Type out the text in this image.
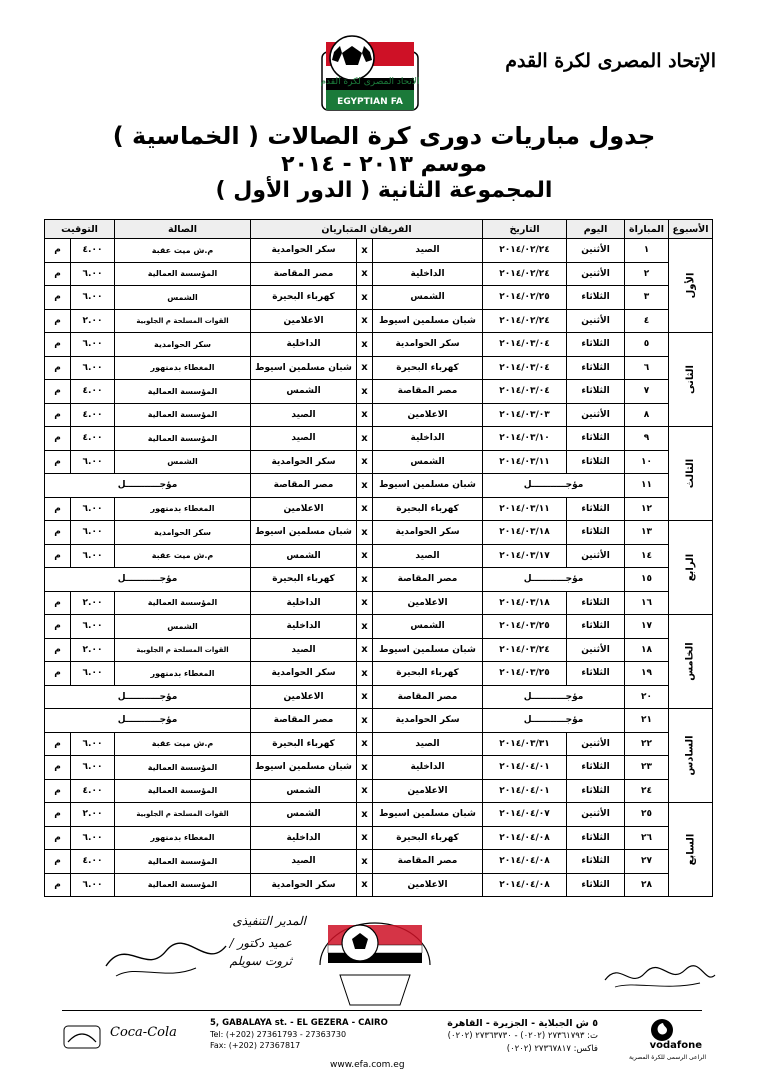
الإتحاد المصرى لكرة القدم
الاتحاد المصرى لكرة القدم
EGYPTIAN FA
جدول مباريات دورى كرة الصالات ( الخماسية )
موسم ٢٠١٣ - ٢٠١٤
المجموعة الثانية ( الدور الأول )
الأسبوع	المباراة	اليوم	التاريخ	الفريقان المتباريان			الصالة	التوقيت	
الأول	١	الأثنين	٢٠١٤/٠٢/٢٤	الصيد	x	سكر الحوامدية	م.ش ميت عقبة	٤.٠٠	م
	٢	الأثنين	٢٠١٤/٠٢/٢٤	الداخلية	x	مصر المقاصة	المؤسسة العمالية	٦.٠٠	م
	٣	الثلاثاء	٢٠١٤/٠٢/٢٥	الشمس	x	كهرباء البحيرة	الشمس	٦.٠٠	م
	٤	الأثنين	٢٠١٤/٠٢/٢٤	شبان مسلمين اسيوط	x	الاعلامين	القوات المسلحة م الجلوبية	٢.٠٠	م
الثانى	٥	الثلاثاء	٢٠١٤/٠٣/٠٤	سكر الحوامدية	x	الداخلية	سكر الحوامدية	٦.٠٠	م
	٦	الثلاثاء	٢٠١٤/٠٣/٠٤	كهرباء البحيرة	x	شبان مسلمين اسيوط	المغطاء بدمنهور	٦.٠٠	م
	٧	الثلاثاء	٢٠١٤/٠٣/٠٤	مصر المقاصة	x	الشمس	المؤسسة العمالية	٤.٠٠	م
	٨	الأثنين	٢٠١٤/٠٣/٠٣	الاعلامين	x	الصيد	المؤسسة العمالية	٤.٠٠	م
الثالث	٩	الثلاثاء	٢٠١٤/٠٣/١٠	الداخلية	x	الصيد	المؤسسة العمالية	٤.٠٠	م
	١٠	الثلاثاء	٢٠١٤/٠٣/١١	الشمس	x	سكر الحوامدية	الشمس	٦.٠٠	م
	١١	مؤجـــــــــــل		شبان مسلمين اسيوط	x	مصر المقاصة	مؤجـــــــــــل		
	١٢	الثلاثاء	٢٠١٤/٠٣/١١	كهرباء البحيرة	x	الاعلامين	المغطاء بدمنهور	٦.٠٠	م
الرابع	١٣	الثلاثاء	٢٠١٤/٠٣/١٨	سكر الحوامدية	x	شبان مسلمين اسيوط	سكر الحوامدية	٦.٠٠	م
	١٤	الأثنين	٢٠١٤/٠٣/١٧	الصيد	x	الشمس	م.ش ميت عقبة	٦.٠٠	م
	١٥	مؤجـــــــــــل		مصر المقاصة	x	كهرباء البحيرة	مؤجـــــــــــل		
	١٦	الثلاثاء	٢٠١٤/٠٣/١٨	الاعلامين	x	الداخلية	المؤسسة العمالية	٢.٠٠	م
الخامس	١٧	الثلاثاء	٢٠١٤/٠٣/٢٥	الشمس	x	الداخلية	الشمس	٦.٠٠	م
	١٨	الأثنين	٢٠١٤/٠٣/٢٤	شبان مسلمين اسيوط	x	الصيد	القوات المسلحة م الجلوبية	٢.٠٠	م
	١٩	الثلاثاء	٢٠١٤/٠٣/٢٥	كهرباء البحيرة	x	سكر الحوامدية	المغطاء بدمنهور	٦.٠٠	م
	٢٠	مؤجـــــــــــل		مصر المقاصة	x	الاعلامين	مؤجـــــــــــل		
السادس	٢١	مؤجـــــــــــل		سكر الحوامدية	x	مصر المقاصة	مؤجـــــــــــل		
	٢٢	الأثنين	٢٠١٤/٠٣/٣١	الصيد	x	كهرباء البحيرة	م.ش ميت عقبة	٦.٠٠	م
	٢٣	الثلاثاء	٢٠١٤/٠٤/٠١	الداخلية	x	شبان مسلمين اسيوط	المؤسسة العمالية	٦.٠٠	م
	٢٤	الثلاثاء	٢٠١٤/٠٤/٠١	الاعلامين	x	الشمس	المؤسسة العمالية	٤.٠٠	م
السابع	٢٥	الأثنين	٢٠١٤/٠٤/٠٧	شبان مسلمين اسيوط	x	الشمس	القوات المسلحة م الجلوبية	٢.٠٠	م
	٢٦	الثلاثاء	٢٠١٤/٠٤/٠٨	كهرباء البحيرة	x	الداخلية	المغطاء بدمنهور	٦.٠٠	م
	٢٧	الثلاثاء	٢٠١٤/٠٤/٠٨	مصر المقاصة	x	الصيد	المؤسسة العمالية	٤.٠٠	م
	٢٨	الثلاثاء	٢٠١٤/٠٤/٠٨	الاعلامين	x	سكر الحوامدية	المؤسسة العمالية	٦.٠٠	م
المدير التنفيذى
عميد دكتور /
ثروت سويلم
Coca-Cola
5, GABALAYA st. - EL GEZERA - CAIRO
Tel: (+202) 27361793 - 27363730
Fax: (+202) 27367817
www.efa.com.eg
٥ ش الجبلاية - الجزيرة - القاهرة
ت: ٢٧٣٦١٧٩٣ (٠٢٠٢) - ٢٧٣٦٣٧٣٠ (٠٢٠٢)
فاكس: ٢٧٣٦٧٨١٧ (٠٢٠٢)	vodafone
الراعى الرسمى للكرة المصرية
